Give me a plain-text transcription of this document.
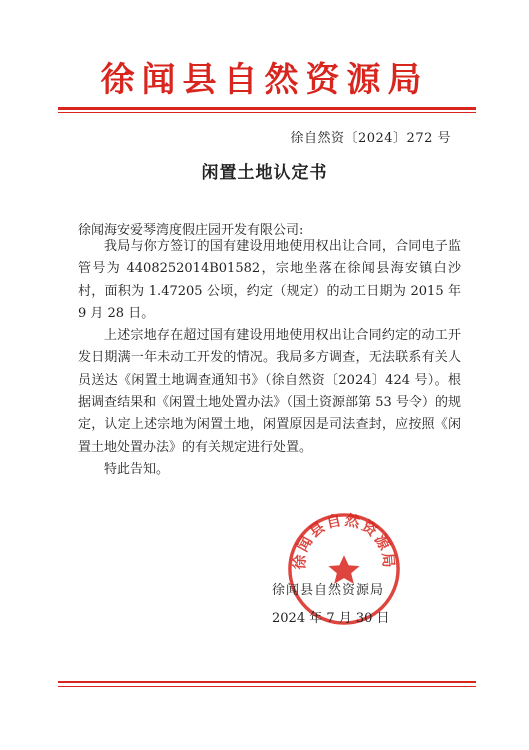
徐闻县自然资源局
徐自然资〔2024〕272 号
闲置土地认定书
徐闻海安爱琴湾度假庄园开发有限公司:

我局与你方签订的国有建设用地使用权出让合同，合同电子监管号为 4408252014B01582，宗地坐落在徐闻县海安镇白沙村，面积为 1.47205 公顷，约定（规定）的动工日期为 2015 年 9 月 28 日。

上述宗地存在超过国有建设用地使用权出让合同约定的动工开发日期满一年未动工开发的情况。我局多方调查，无法联系有关人员送达《闲置土地调查通知书》（徐自然资〔2024〕424 号）。根据调查结果和《闲置土地处置办法》（国土资源部第 53 号令）的规定，认定上述宗地为闲置土地，闲置原因是司法查封，应按照《闲置土地处置办法》的有关规定进行处置。

特此告知。

徐闻县自然资源局
徐闻县自然资源局
2024 年 7 月 30 日
